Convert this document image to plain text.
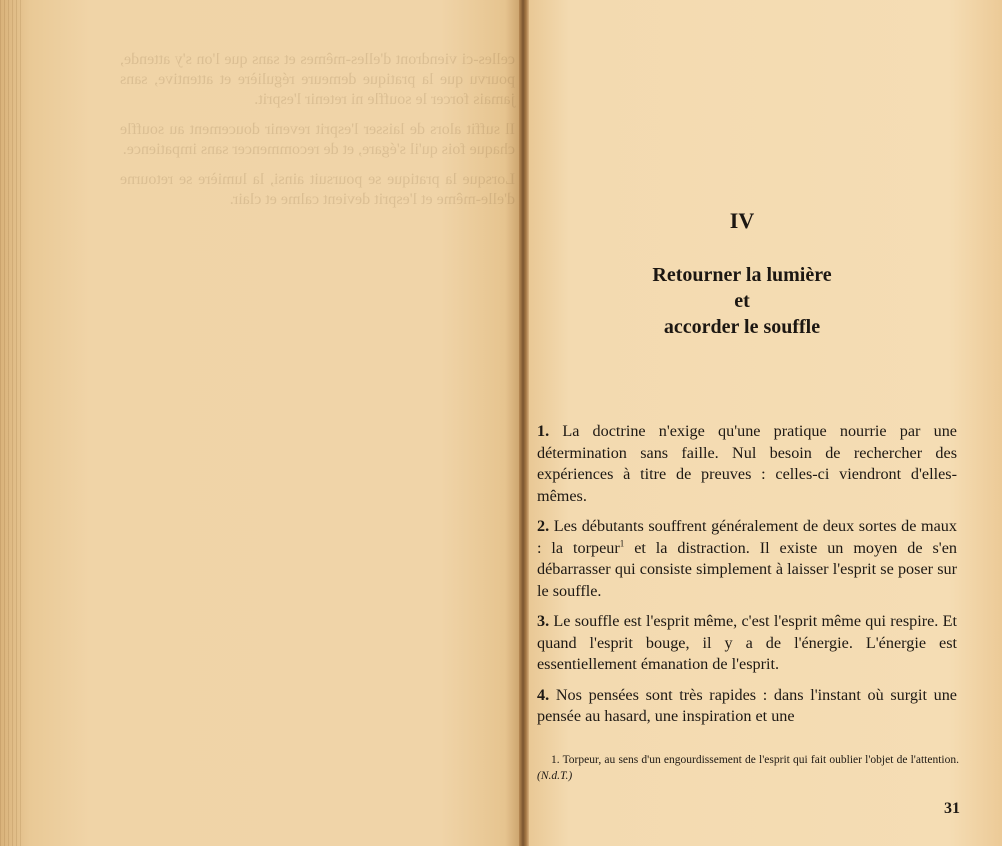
celles-ci viendront d'elles-mêmes et sans que l'on s'y attende, pourvu que la pratique demeure régulière et attentive, sans jamais forcer le souffle ni retenir l'esprit.

Il suffit alors de laisser l'esprit revenir doucement au souffle chaque fois qu'il s'égare, et de recommencer sans impatience.

Lorsque la pratique se poursuit ainsi, la lumière se retourne d'elle-même et l'esprit devient calme et clair.

IV
Retourner la lumière
et
accorder le souffle

1. La doctrine n'exige qu'une pratique nourrie par une détermination sans faille. Nul besoin de rechercher des expériences à titre de preuves : celles-ci viendront d'elles-mêmes.

2. Les débutants souffrent généralement de deux sortes de maux : la torpeur$^1$ et la distraction. Il existe un moyen de s'en débarrasser qui consiste simplement à laisser l'esprit se poser sur le souffle.

3. Le souffle est l'esprit même, c'est l'esprit même qui respire. Et quand l'esprit bouge, il y a de l'énergie. L'énergie est essentiellement émanation de l'esprit.

4. Nos pensées sont très rapides : dans l'instant où surgit une pensée au hasard, une inspiration et une

1. Torpeur, au sens d'un engourdissement de l'esprit qui fait oublier l'objet de l'attention. (N.d.T.)
31
